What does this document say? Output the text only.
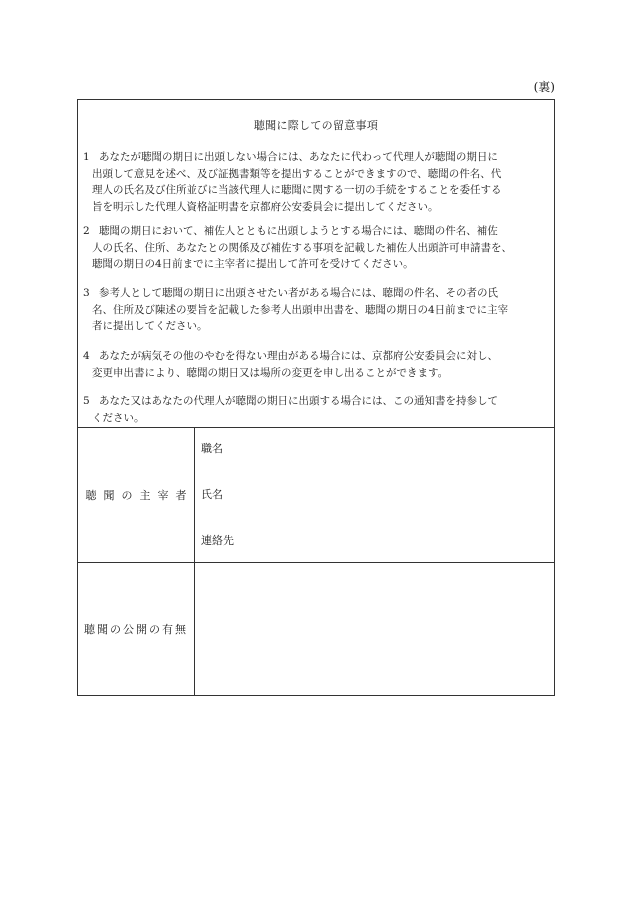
(裏)
聴聞に際しての留意事項
1 あなたが聴聞の期日に出頭しない場合には、あなたに代わって代理人が聴聞の期日に
出頭して意見を述べ、及び証拠書類等を提出することができますので、聴聞の件名、代
理人の氏名及び住所並びに当該代理人に聴聞に関する一切の手続をすることを委任する
旨を明示した代理人資格証明書を京都府公安委員会に提出してください。
2 聴聞の期日において、補佐人とともに出頭しようとする場合には、聴聞の件名、補佐
人の氏名、住所、あなたとの関係及び補佐する事項を記載した補佐人出頭許可申請書を、
聴聞の期日の4日前までに主宰者に提出して許可を受けてください。
3 参考人として聴聞の期日に出頭させたい者がある場合には、聴聞の件名、その者の氏
名、住所及び陳述の要旨を記載した参考人出頭申出書を、聴聞の期日の4日前までに主宰
者に提出してください。
4 あなたが病気その他のやむを得ない理由がある場合には、京都府公安委員会に対し、
変更申出書により、聴聞の期日又は場所の変更を申し出ることができます。
5 あなた又はあなたの代理人が聴聞の期日に出頭する場合には、この通知書を持参して
ください。
聴聞の主宰者
職名
氏名
連絡先
聴聞の公開の有無
